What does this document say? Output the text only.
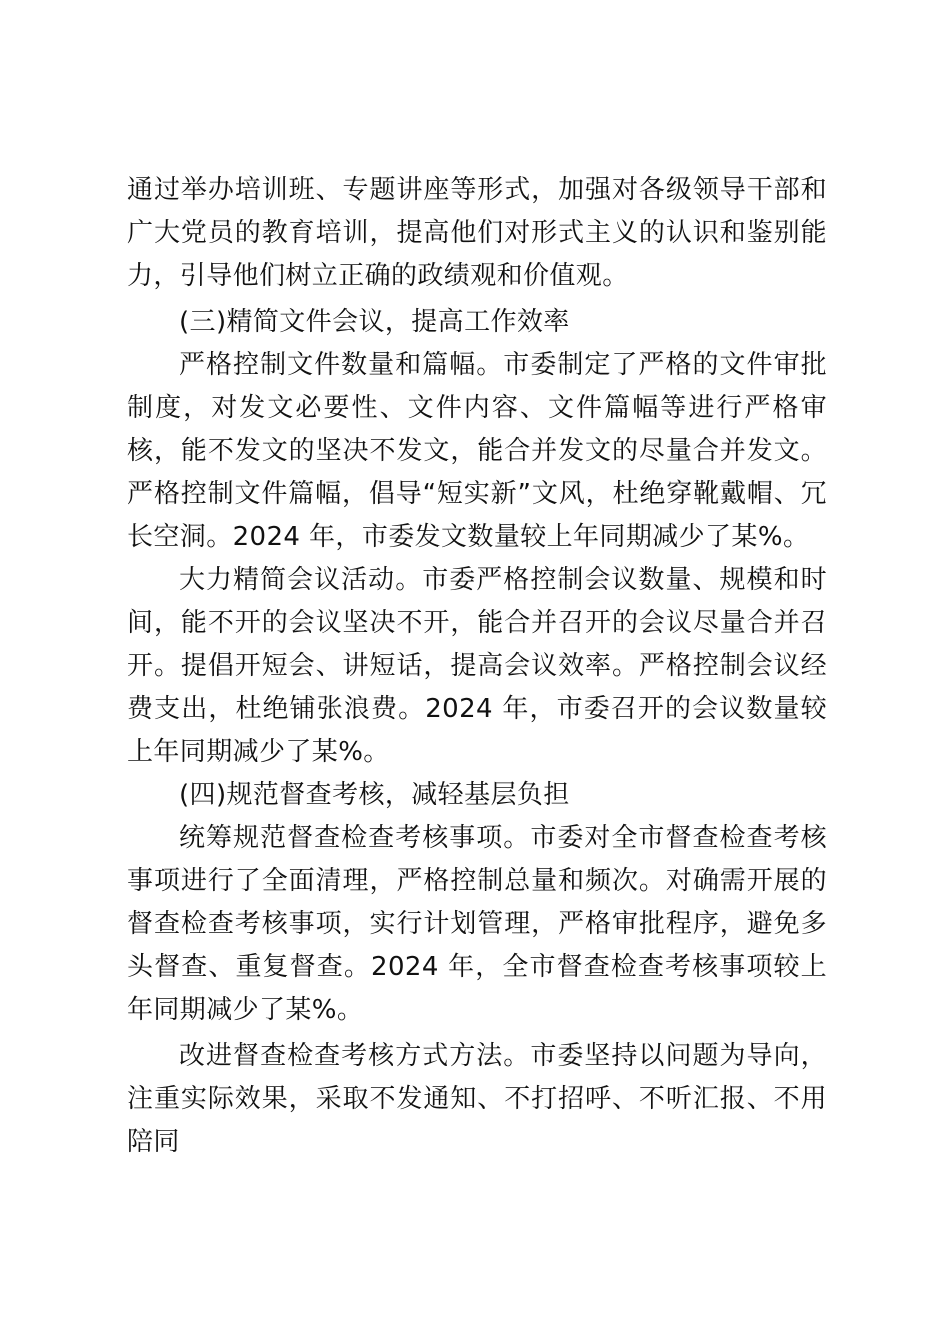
通过举办培训班、专题讲座等形式，加强对各级领导干部和广大党员的教育培训，提高他们对形式主义的认识和鉴别能力，引导他们树立正确的政绩观和价值观。

(三)精简文件会议，提高工作效率

严格控制文件数量和篇幅。市委制定了严格的文件审批制度，对发文必要性、文件内容、文件篇幅等进行严格审核，能不发文的坚决不发文，能合并发文的尽量合并发文。严格控制文件篇幅，倡导“短实新”文风，杜绝穿靴戴帽、冗长空洞。2024 年，市委发文数量较上年同期减少了某%。

大力精简会议活动。市委严格控制会议数量、规模和时间，能不开的会议坚决不开，能合并召开的会议尽量合并召开。提倡开短会、讲短话，提高会议效率。严格控制会议经费支出，杜绝铺张浪费。2024 年，市委召开的会议数量较上年同期减少了某%。

(四)规范督查考核，减轻基层负担

统筹规范督查检查考核事项。市委对全市督查检查考核事项进行了全面清理，严格控制总量和频次。对确需开展的督查检查考核事项，实行计划管理，严格审批程序，避免多头督查、重复督查。2024 年，全市督查检查考核事项较上年同期减少了某%。

改进督查检查考核方式方法。市委坚持以问题为导向，注重实际效果，采取不发通知、不打招呼、不听汇报、不用陪同
